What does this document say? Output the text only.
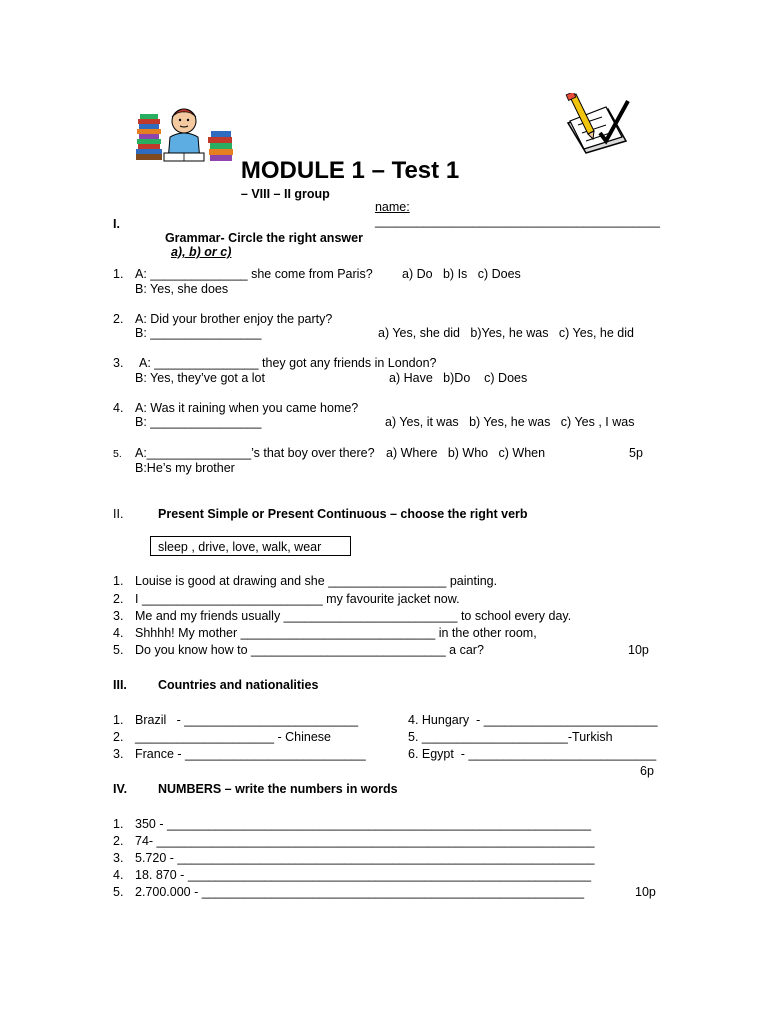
MODULE 1 – Test 1
– VIII – II group

name:
_________________________________________

I.

Grammar- Circle the right answer
a), b) or c)

1. A: ______________ she come from Paris? a) Do   b) Is   c) Does
B: Yes, she does
2. A: Did your brother enjoy the party?
B: ________________	a) Yes, she did   b)Yes, he was   c) Yes, he did
3. A: _______________ they got any friends in London?
B: Yes, they’ve got a lot	a) Have   b)Do    c) Does
4. A: Was it raining when you came home?
B: ________________	a) Yes, it was   b) Yes, he was   c) Yes , I was
5. A:_______________’s that boy over there? a) Where   b) Who   c) When	5p
B:He’s my brother
II.	Present Simple or Present Continuous – choose the right verb
sleep , drive, love, walk, wear
1. Louise is good at drawing and she _________________ painting.
2. I __________________________ my favourite jacket now.
3. Me and my friends usually _________________________ to school every day.
4. Shhhh! My mother ____________________________ in the other room,
5. Do you know how to ____________________________ a car?	10p
III. Countries and nationalities
1. Brazil   - _________________________
2. ____________________ - Chinese
3. France - __________________________
4. Hungary  - _________________________
5. _____________________-Turkish
6. Egypt  - ___________________________
6p
IV. NUMBERS – write the numbers in words
1. 350 - _____________________________________________________________
2. 74- _______________________________________________________________
3. 5.720 - ____________________________________________________________
4. 18. 870 - __________________________________________________________
5. 2.700.000 - _______________________________________________________	10p
